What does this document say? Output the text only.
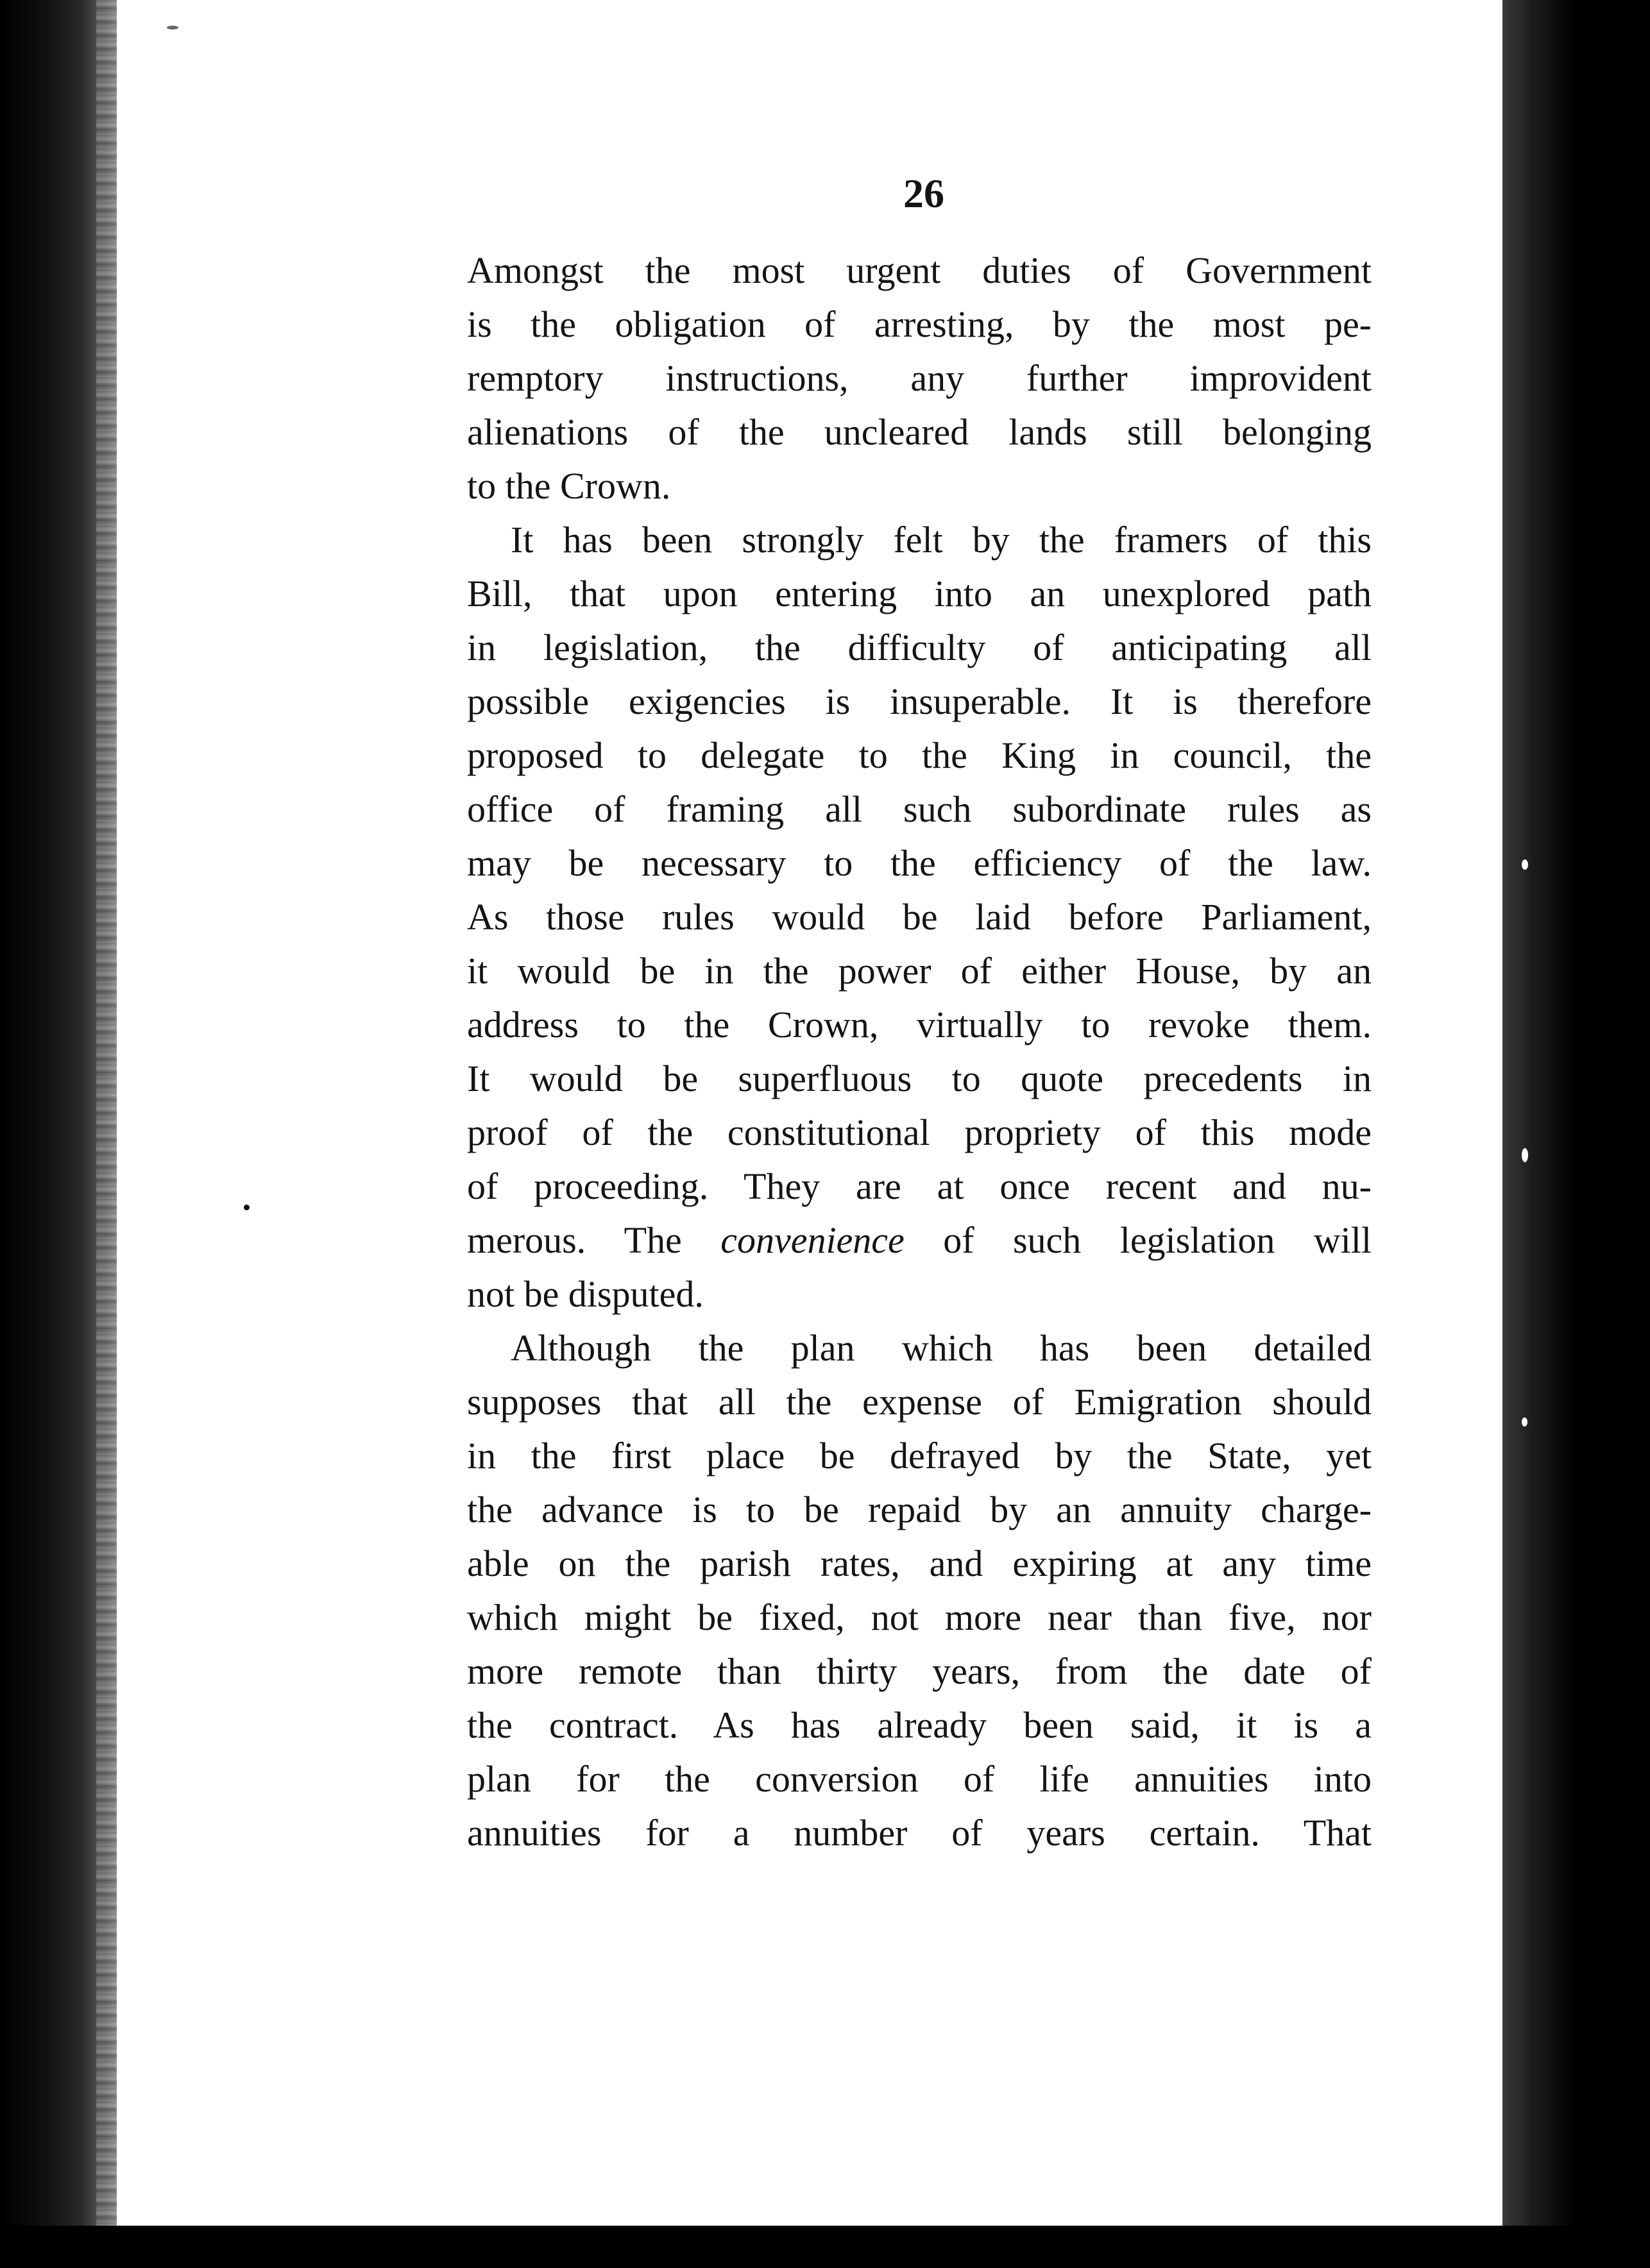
26
Amongst the most urgent duties of Government
is the obligation of arresting, by the most pe-
remptory instructions, any further improvident
alienations of the uncleared lands still belonging
to the Crown.
It has been strongly felt by the framers of this
Bill, that upon entering into an unexplored path
in legislation, the difficulty of anticipating all
possible exigencies is insuperable. It is therefore
proposed to delegate to the King in council, the
office of framing all such subordinate rules as
may be necessary to the efficiency of the law.
As those rules would be laid before Parliament,
it would be in the power of either House, by an
address to the Crown, virtually to revoke them.
It would be superfluous to quote precedents in
proof of the constitutional propriety of this mode
of proceeding. They are at once recent and nu-
merous. The convenience of such legislation will
not be disputed.
Although the plan which has been detailed
supposes that all the expense of Emigration should
in the first place be defrayed by the State, yet
the advance is to be repaid by an annuity charge-
able on the parish rates, and expiring at any time
which might be fixed, not more near than five, nor
more remote than thirty years, from the date of
the contract. As has already been said, it is a
plan for the conversion of life annuities into
annuities for a number of years certain. That
